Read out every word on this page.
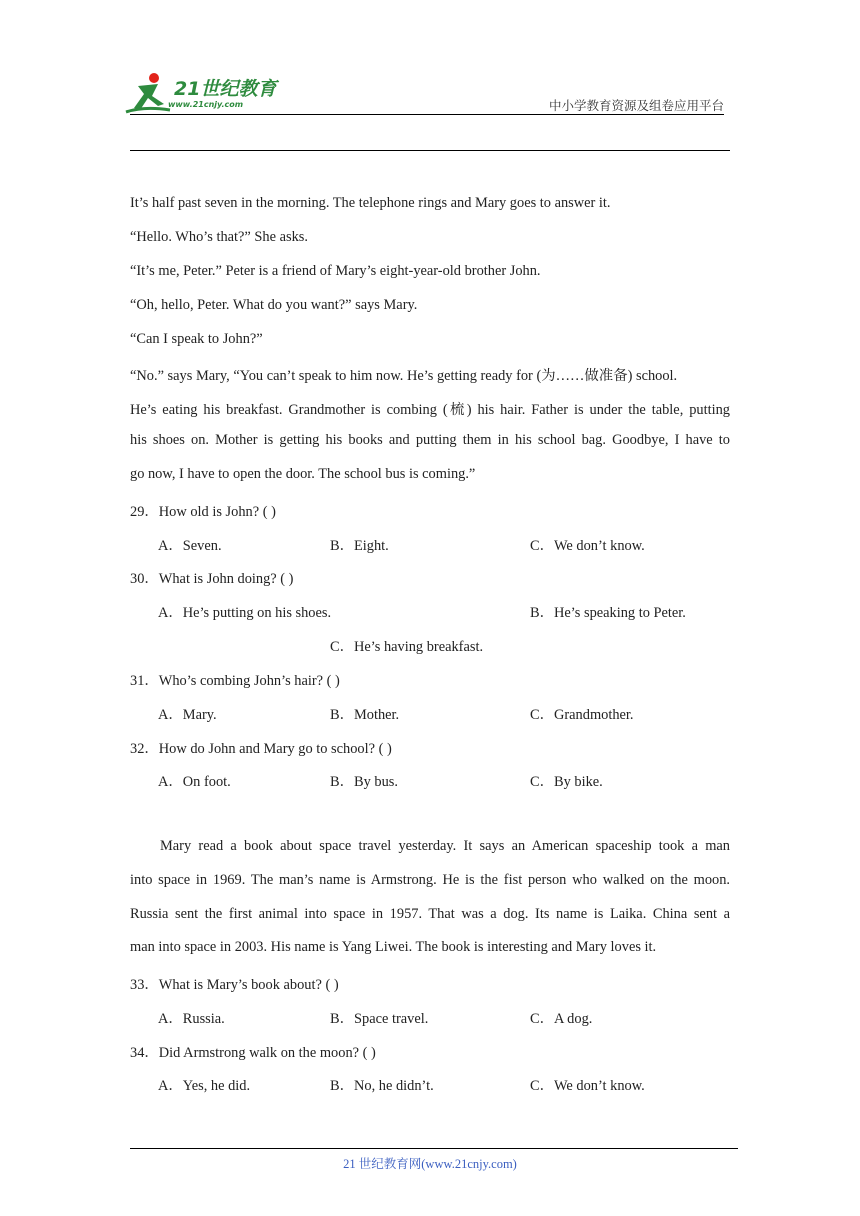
21世纪教育
www.21cnjy.com	中小学教育资源及组卷应用平台
It’s half past seven in the morning. The telephone rings and Mary goes to answer it.
“Hello. Who’s that?” She asks.
“It’s me, Peter.” Peter is a friend of Mary’s eight-year-old brother John.
“Oh, hello, Peter. What do you want?” says Mary.
“Can I speak to John?”
“No.” says Mary, “You can’t speak to him now. He’s getting ready for (为……做准备) school.
He’s eating his breakfast. Grandmother is combing (梳) his hair. Father is under the table, putting
his shoes on. Mother is getting his books and putting them in his school bag. Goodbye, I have to
go now, I have to open the door. The school bus is coming.”
29．How old is John? ( )
A．Seven.	B．Eight.	C．We don’t know.
30．What is John doing? ( )
A．He’s putting on his shoes.	B．He’s speaking to Peter.
C．He’s having breakfast.
31．Who’s combing John’s hair? ( )
A．Mary.	B．Mother.	C．Grandmother.
32．How do John and Mary go to school? ( )
A．On foot.	B．By bus.	C．By bike.
Mary read a book about space travel yesterday. It says an American spaceship took a man
into space in 1969. The man’s name is Armstrong. He is the fist person who walked on the moon.
Russia sent the first animal into space in 1957. That was a dog. Its name is Laika. China sent a
man into space in 2003. His name is Yang Liwei. The book is interesting and Mary loves it.
33．What is Mary’s book about? ( )
A．Russia.	B．Space travel.	C．A dog.
34．Did Armstrong walk on the moon? ( )
A．Yes, he did.	B．No, he didn’t.	C．We don’t know.
21 世纪教育网(www.21cnjy.com)
